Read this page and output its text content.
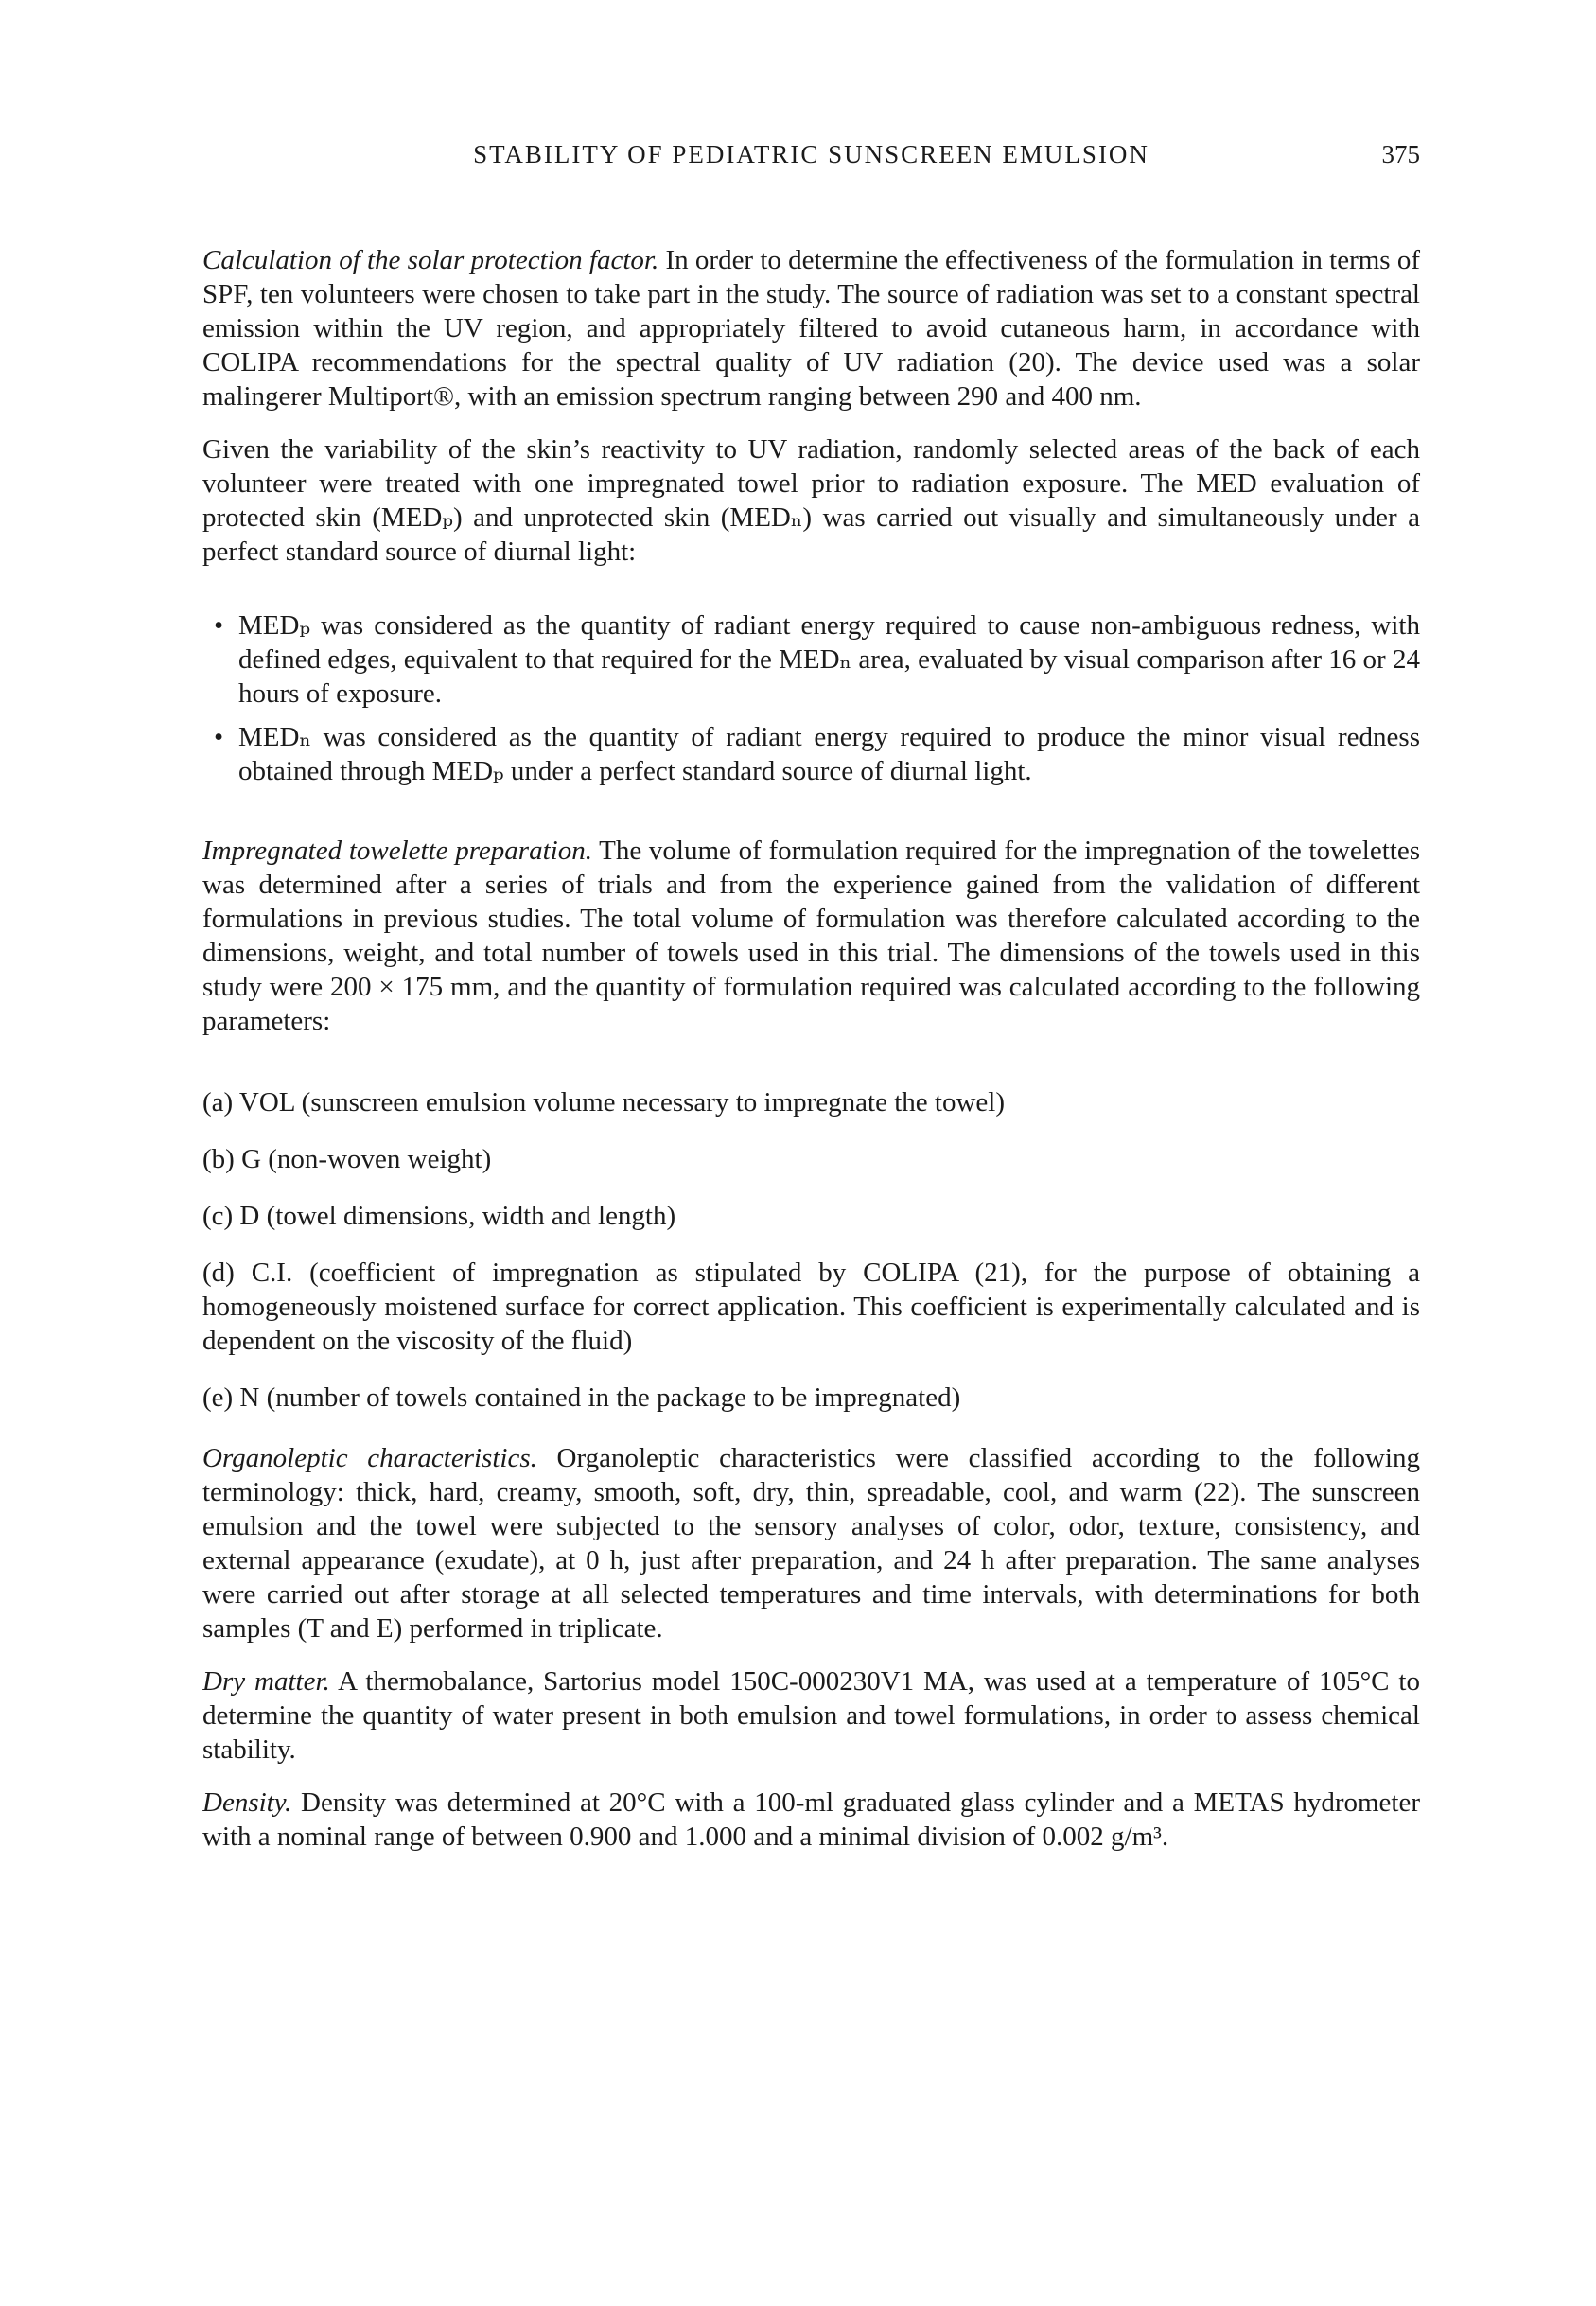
STABILITY OF PEDIATRIC SUNSCREEN EMULSION	375

Calculation of the solar protection factor. In order to determine the effectiveness of the formulation in terms of SPF, ten volunteers were chosen to take part in the study. The source of radiation was set to a constant spectral emission within the UV region, and appropriately filtered to avoid cutaneous harm, in accordance with COLIPA recommendations for the spectral quality of UV radiation (20). The device used was a solar malingerer Multiport®, with an emission spectrum ranging between 290 and 400 nm.

Given the variability of the skin’s reactivity to UV radiation, randomly selected areas of the back of each volunteer were treated with one impregnated towel prior to radiation exposure. The MED evaluation of protected skin (MEDₚ) and unprotected skin (MEDₙ) was carried out visually and simultaneously under a perfect standard source of diurnal light:

• MEDₚ was considered as the quantity of radiant energy required to cause non-ambiguous redness, with defined edges, equivalent to that required for the MEDₙ area, evaluated by visual comparison after 16 or 24 hours of exposure.
• MEDₙ was considered as the quantity of radiant energy required to produce the minor visual redness obtained through MEDₚ under a perfect standard source of diurnal light.

Impregnated towelette preparation. The volume of formulation required for the impregnation of the towelettes was determined after a series of trials and from the experience gained from the validation of different formulations in previous studies. The total volume of formulation was therefore calculated according to the dimensions, weight, and total number of towels used in this trial. The dimensions of the towels used in this study were 200 × 175 mm, and the quantity of formulation required was calculated according to the following parameters:

(a) VOL (sunscreen emulsion volume necessary to impregnate the towel)

(b) G (non-woven weight)

(c) D (towel dimensions, width and length)

(d) C.I. (coefficient of impregnation as stipulated by COLIPA (21), for the purpose of obtaining a homogeneously moistened surface for correct application. This coefficient is experimentally calculated and is dependent on the viscosity of the fluid)

(e) N (number of towels contained in the package to be impregnated)

Organoleptic characteristics. Organoleptic characteristics were classified according to the following terminology: thick, hard, creamy, smooth, soft, dry, thin, spreadable, cool, and warm (22). The sunscreen emulsion and the towel were subjected to the sensory analyses of color, odor, texture, consistency, and external appearance (exudate), at 0 h, just after preparation, and 24 h after preparation. The same analyses were carried out after storage at all selected temperatures and time intervals, with determinations for both samples (T and E) performed in triplicate.

Dry matter. A thermobalance, Sartorius model 150C-000230V1 MA, was used at a temperature of 105°C to determine the quantity of water present in both emulsion and towel formulations, in order to assess chemical stability.

Density. Density was determined at 20°C with a 100-ml graduated glass cylinder and a METAS hydrometer with a nominal range of between 0.900 and 1.000 and a minimal division of 0.002 g/m³.
